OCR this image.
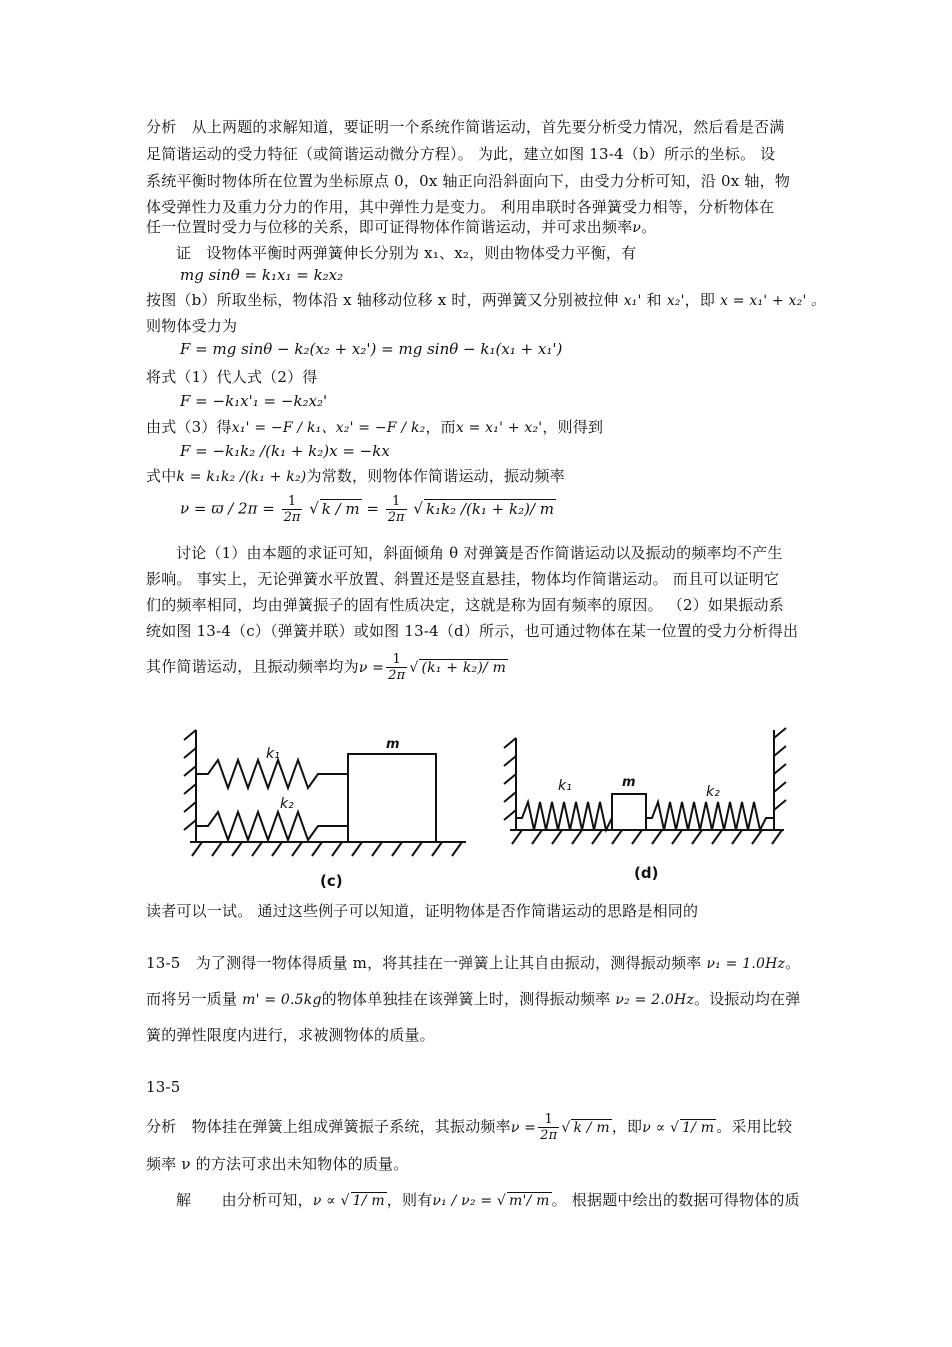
分析　从上两题的求解知道，要证明一个系统作简谐运动，首先要分析受力情况，然后看是否满
足简谐运动的受力特征（或简谐运动微分方程）。 为此，建立如图 13-4（b）所示的坐标。 设
系统平衡时物体所在位置为坐标原点 0，0x 轴正向沿斜面向下，由受力分析可知，沿 0x 轴，物
体受弹性力及重力分力的作用，其中弹性力是变力。 利用串联时各弹簧受力相等，分析物体在
任一位置时受力与位移的关系，即可证得物体作简谐运动，并可求出频率ν。
证　设物体平衡时两弹簧伸长分别为 x₁、x₂，则由物体受力平衡，有
mg sinθ = k₁x₁ = k₂x₂
按图（b）所取坐标，物体沿 x 轴移动位移 x 时，两弹簧又分别被拉伸 x₁' 和 x₂'，即 x = x₁' + x₂' 。
则物体受力为
F = mg sinθ − k₂(x₂ + x₂') = mg sinθ − k₁(x₁ + x₁')
将式（1）代人式（2）得
F = −k₁x'₁ = −k₂x₂'
由式（3）得x₁' = −F / k₁、x₂' = −F / k₂，而x = x₁' + x₂'，则得到
F = −k₁k₂ /(k₁ + k₂)x = −kx
式中k = k₁k₂ /(k₁ + k₂)为常数，则物体作简谐运动，振动频率
$\nu = ϖ / 2\pi = \frac{1}{2\pi}$ √ $k / m = \frac{1}{2\pi}$ √ k₁k₂ /(k₁ + k₂)/ m
讨论（1）由本题的求证可知，斜面倾角 θ 对弹簧是否作简谐运动以及振动的频率均不产生
影响。 事实上，无论弹簧水平放置、斜置还是竖直悬挂，物体均作简谐运动。 而且可以证明它
们的频率相同，均由弹簧振子的固有性质决定，这就是称为固有频率的原因。 （2）如果振动系
统如图 13-4（c）（弹簧并联）或如图 13-4（d）所示，也可通过物体在某一位置的受力分析得出
其作简谐运动，且振动频率均为$\nu = \frac{1}{2\pi}$ √ (k₁ + k₂)/ m
k₁
k₂
m
(c)
k₁	m
k₂
(d)
读者可以一试。 通过这些例子可以知道，证明物体是否作简谐运动的思路是相同的
13-5　为了测得一物体得质量 m，将其挂在一弹簧上让其自由振动，测得振动频率 ν₁ = 1.0Hz。
而将另一质量 m' = 0.5kg的物体单独挂在该弹簧上时，测得振动频率 ν₂ = 2.0Hz。设振动均在弹
簧的弹性限度内进行，求被测物体的质量。
13-5
分析　物体挂在弹簧上组成弹簧振子系统，其振动频率$\nu = \frac{1}{2\pi}$ √ k / m ，即ν ∝ √ 1/ m 。采用比较
频率 ν 的方法可求出未知物体的质量。
解　　由分析可知，ν ∝ √ 1/ m ，则有ν₁ / ν₂ = √ m'/ m 。 根据题中绘出的数据可得物体的质
